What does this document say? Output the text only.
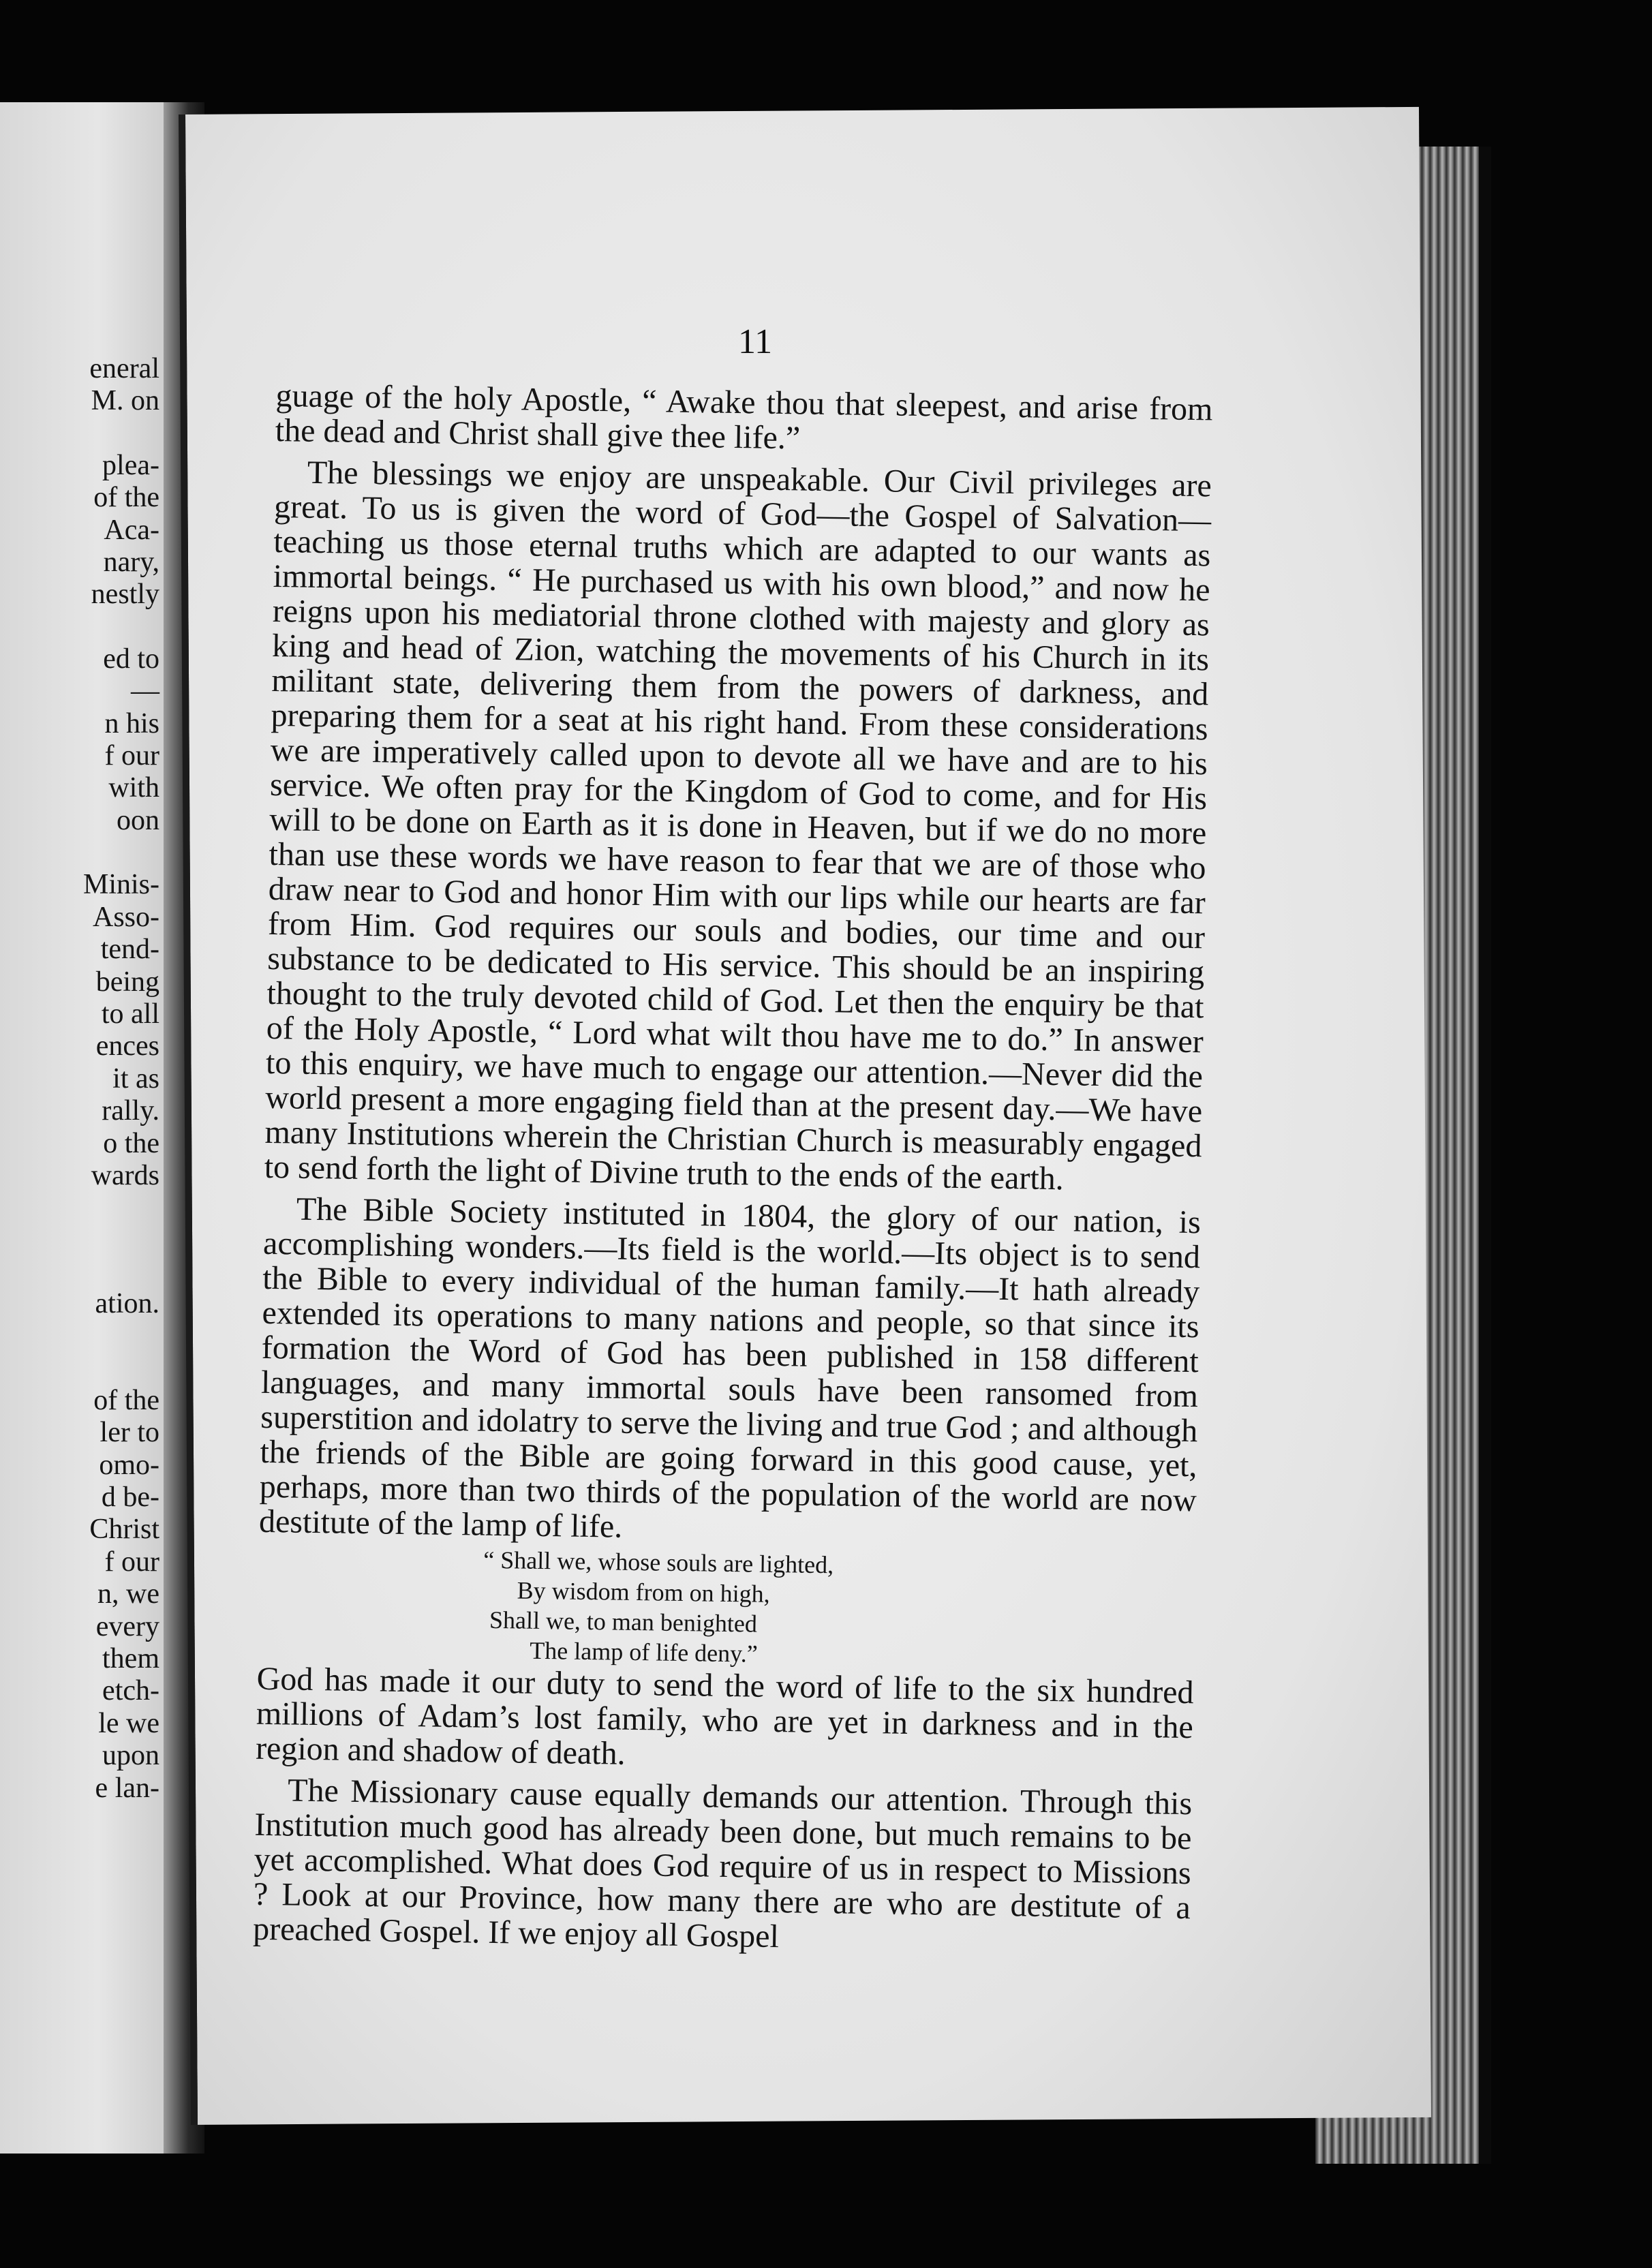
eneral
M. on

plea-
of the
Aca-
nary,
nestly

ed to
—
n his
f our
with
oon

Minis-
Asso-
tend-
being
to all
ences
it as
rally.
o the
wards

ation.

of the
ler to
omo-
d be-
Christ
f our
n, we
every
them
etch-
le we
upon
e lan-
11

guage of the holy Apostle, “ Awake thou that sleepest, and arise from the dead and Christ shall give thee life.”

The blessings we enjoy are unspeakable. Our Civil privileges are great. To us is given the word of God—the Gospel of Salvation—teaching us those eternal truths which are adapted to our wants as immortal beings. “ He purchased us with his own blood,” and now he reigns upon his mediatorial throne clothed with majesty and glory as king and head of Zion, watching the movements of his Church in its militant state, delivering them from the powers of darkness, and preparing them for a seat at his right hand. From these considerations we are imperatively called upon to devote all we have and are to his service. We often pray for the Kingdom of God to come, and for His will to be done on Earth as it is done in Heaven, but if we do no more than use these words we have reason to fear that we are of those who draw near to God and honor Him with our lips while our hearts are far from Him. God requires our souls and bodies, our time and our substance to be dedicated to His service. This should be an inspiring thought to the truly devoted child of God. Let then the enquiry be that of the Holy Apostle, “ Lord what wilt thou have me to do.” In answer to this enquiry, we have much to engage our attention.—Never did the world present a more engaging field than at the present day.—We have many Institutions wherein the Christian Church is measurably engaged to send forth the light of Divine truth to the ends of the earth.

The Bible Society instituted in 1804, the glory of our nation, is accomplishing wonders.—Its field is the world.—Its object is to send the Bible to every individual of the human family.—It hath already extended its operations to many nations and people, so that since its formation the Word of God has been published in 158 different languages, and many immortal souls have been ransomed from superstition and idolatry to serve the living and true God ; and although the friends of the Bible are going forward in this good cause, yet, perhaps, more than two thirds of the population of the world are now destitute of the lamp of life.

“ Shall we, whose souls are lighted,
By wisdom from on high,
Shall we, to man benighted
The lamp of life deny.”

God has made it our duty to send the word of life to the six hundred millions of Adam’s lost family, who are yet in darkness and in the region and shadow of death.

The Missionary cause equally demands our attention. Through this Institution much good has already been done, but much remains to be yet accomplished. What does God require of us in respect to Missions ? Look at our Province, how many there are who are destitute of a preached Gospel. If we enjoy all Gospel
